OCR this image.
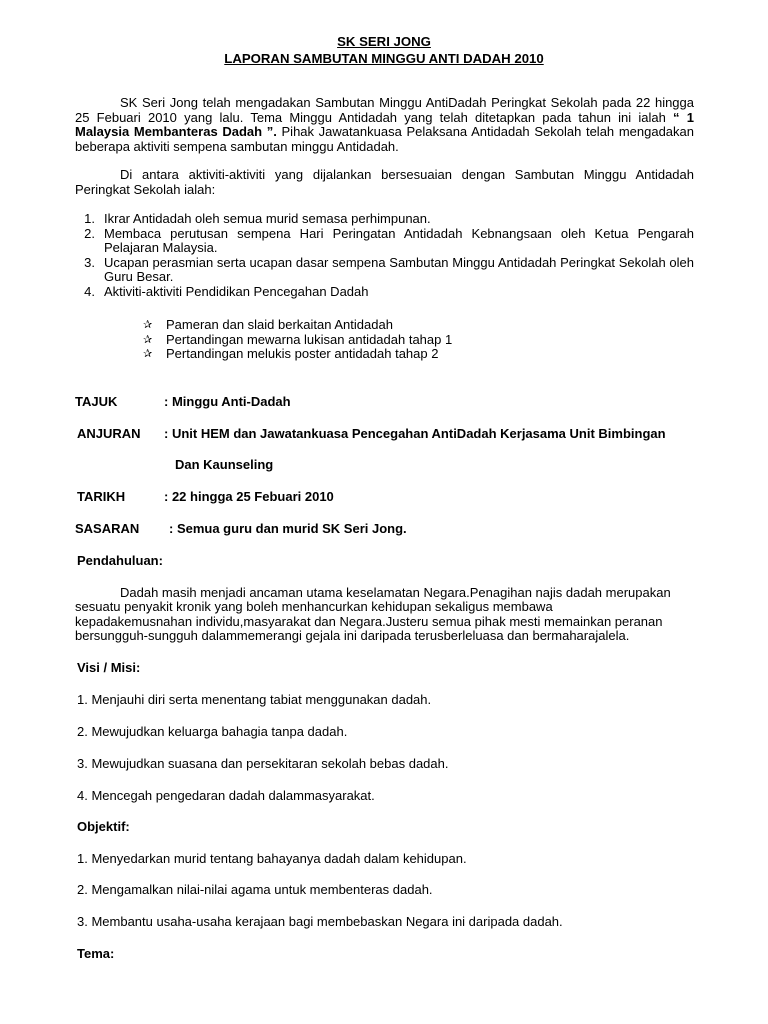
SK SERI JONG
LAPORAN SAMBUTAN MINGGU ANTI DADAH 2010
SK Seri Jong telah mengadakan Sambutan Minggu AntiDadah Peringkat Sekolah pada 22 hingga 25 Febuari 2010 yang lalu. Tema Minggu Antidadah yang telah ditetapkan pada tahun ini ialah “ 1 Malaysia Membanteras Dadah ”. Pihak Jawatankuasa Pelaksana Antidadah Sekolah telah mengadakan beberapa aktiviti sempena sambutan minggu Antidadah.
Di antara aktiviti-aktiviti yang dijalankan bersesuaian dengan Sambutan Minggu Antidadah Peringkat Sekolah ialah:
1. Ikrar Antidadah oleh semua murid semasa perhimpunan.
2. Membaca perutusan sempena Hari Peringatan Antidadah Kebnangsaan oleh Ketua Pengarah Pelajaran Malaysia.
3. Ucapan perasmian serta ucapan dasar sempena Sambutan Minggu Antidadah Peringkat Sekolah oleh Guru Besar.
4. Aktiviti-aktiviti Pendidikan Pencegahan Dadah
✰ Pameran dan slaid berkaitan Antidadah
✰ Pertandingan mewarna lukisan antidadah tahap 1
✰ Pertandingan melukis poster antidadah tahap 2
TAJUK	: Minggu Anti-Dadah
ANJURAN : Unit HEM dan Jawatankuasa Pencegahan AntiDadah Kerjasama Unit Bimbingan
Dan Kaunseling
TARIKH	: 22 hingga 25 Febuari 2010
SASARAN : Semua guru dan murid SK Seri Jong.
Pendahuluan:
Dadah masih menjadi ancaman utama keselamatan Negara.Penagihan najis dadah merupakan
sesuatu penyakit kronik yang boleh menhancurkan kehidupan sekaligus membawa
kepadakemusnahan individu,masyarakat dan Negara.Justeru semua pihak mesti memainkan peranan
bersungguh-sungguh dalammemerangi gejala ini daripada terusberleluasa dan bermaharajalela.
Visi / Misi:
1. Menjauhi diri serta menentang tabiat menggunakan dadah.
2. Mewujudkan keluarga bahagia tanpa dadah.
3. Mewujudkan suasana dan persekitaran sekolah bebas dadah.
4. Mencegah pengedaran dadah dalammasyarakat.
Objektif:
1. Menyedarkan murid tentang bahayanya dadah dalam kehidupan.
2. Mengamalkan nilai-nilai agama untuk membenteras dadah.
3. Membantu usaha-usaha kerajaan bagi membebaskan Negara ini daripada dadah.
Tema:
